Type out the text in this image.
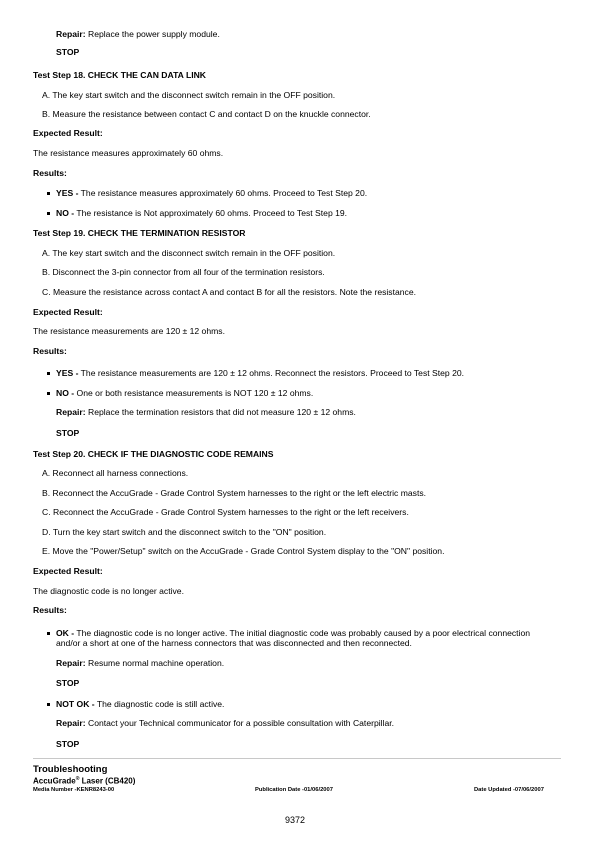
Repair: Replace the power supply module.
STOP
Test Step 18. CHECK THE CAN DATA LINK
A. The key start switch and the disconnect switch remain in the OFF position.
B. Measure the resistance between contact C and contact D on the knuckle connector.
Expected Result:
The resistance measures approximately 60 ohms.
Results:
YES - The resistance measures approximately 60 ohms. Proceed to Test Step 20.
NO - The resistance is Not approximately 60 ohms. Proceed to Test Step 19.
Test Step 19. CHECK THE TERMINATION RESISTOR
A. The key start switch and the disconnect switch remain in the OFF position.
B. Disconnect the 3-pin connector from all four of the termination resistors.
C. Measure the resistance across contact A and contact B for all the resistors. Note the resistance.
Expected Result:
The resistance measurements are 120 ± 12 ohms.
Results:
YES - The resistance measurements are 120 ± 12 ohms. Reconnect the resistors. Proceed to Test Step 20.
NO - One or both resistance measurements is NOT 120 ± 12 ohms.
Repair: Replace the termination resistors that did not measure 120 ± 12 ohms.
STOP
Test Step 20. CHECK IF THE DIAGNOSTIC CODE REMAINS
A. Reconnect all harness connections.
B. Reconnect the AccuGrade - Grade Control System harnesses to the right or the left electric masts.
C. Reconnect the AccuGrade - Grade Control System harnesses to the right or the left receivers.
D. Turn the key start switch and the disconnect switch to the "ON" position.
E. Move the "Power/Setup" switch on the AccuGrade - Grade Control System display to the "ON" position.
Expected Result:
The diagnostic code is no longer active.
Results:
OK - The diagnostic code is no longer active. The initial diagnostic code was probably caused by a poor electrical connection
and/or a short at one of the harness connectors that was disconnected and then reconnected.
Repair: Resume normal machine operation.
STOP
NOT OK - The diagnostic code is still active.
Repair: Contact your Technical communicator for a possible consultation with Caterpillar.
STOP
Troubleshooting
AccuGrade® Laser (CB420)
Media Number -KENR8243-00	Publication Date -01/06/2007	Date Updated -07/06/2007
9372
